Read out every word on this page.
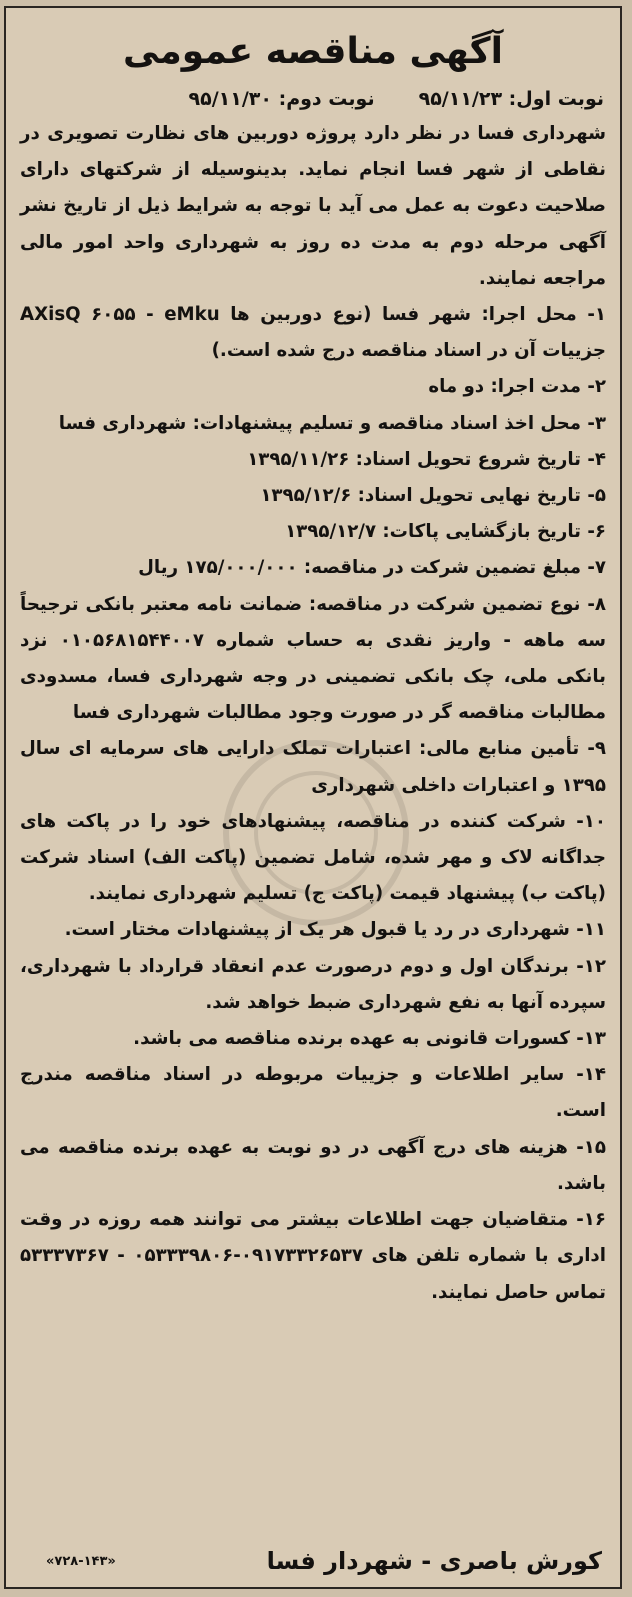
آگهی مناقصه عمومی
نوبت اول: ۹۵/۱۱/۲۳
نوبت دوم: ۹۵/۱۱/۳۰

شهرداری فسا در نظر دارد پروژه دوربین های نظارت تصویری در نقاطی از شهر فسا انجام نماید. بدینوسیله از شرکتهای دارای صلاحیت دعوت به عمل می آید با توجه به شرایط ذیل از تاریخ نشر آگهی مرحله دوم به مدت ده روز به شهرداری واحد امور مالی مراجعه نمایند.

۱- محل اجرا: شهر فسا (نوع دوربین ها AXisQ ۶۰۵۵ - eMku جزییات آن در اسناد مناقصه درج شده است.)

۲- مدت اجرا: دو ماه

۳- محل اخذ اسناد مناقصه و تسلیم پیشنهادات: شهرداری فسا

۴- تاریخ شروع تحویل اسناد: ۱۳۹۵/۱۱/۲۶

۵- تاریخ نهایی تحویل اسناد: ۱۳۹۵/۱۲/۶

۶- تاریخ بازگشایی پاکات: ۱۳۹۵/۱۲/۷

۷- مبلغ تضمین شرکت در مناقصه: ۱۷۵/۰۰۰/۰۰۰ ریال

۸- نوع تضمین شرکت در مناقصه: ضمانت نامه معتبر بانکی ترجیحاً سه ماهه - واریز نقدی به حساب شماره ۰۱۰۵۶۸۱۵۴۴۰۰۷ نزد بانکی ملی، چک بانکی تضمینی در وجه شهرداری فسا، مسدودی مطالبات مناقصه گر در صورت وجود مطالبات شهرداری فسا

۹- تأمین منابع مالی: اعتبارات تملک دارایی های سرمایه ای سال ۱۳۹۵ و اعتبارات داخلی شهرداری

۱۰- شرکت کننده در مناقصه، پیشنهادهای خود را در پاکت های جداگانه لاک و مهر شده، شامل تضمین (پاکت الف) اسناد شرکت (پاکت ب) پیشنهاد قیمت (پاکت ج) تسلیم شهرداری نمایند.

۱۱- شهرداری در رد یا قبول هر یک از پیشنهادات مختار است.

۱۲- برندگان اول و دوم درصورت عدم انعقاد قرارداد با شهرداری، سپرده آنها به نفع شهرداری ضبط خواهد شد.

۱۳- کسورات قانونی به عهده برنده مناقصه می باشد.

۱۴- سایر اطلاعات و جزییات مربوطه در اسناد مناقصه مندرج است.

۱۵- هزینه های درج آگهی در دو نوبت به عهده برنده مناقصه می باشد.

۱۶- متقاضیان جهت اطلاعات بیشتر می توانند همه روزه در وقت اداری با شماره تلفن های ۰۹۱۷۳۳۲۶۵۳۷-۰۵۳۳۳۹۸۰۶ - ۵۳۳۳۷۳۶۷ تماس حاصل نمایند.

کورش باصری - شهردار فسا
«۷۲۸-۱۴۳»
